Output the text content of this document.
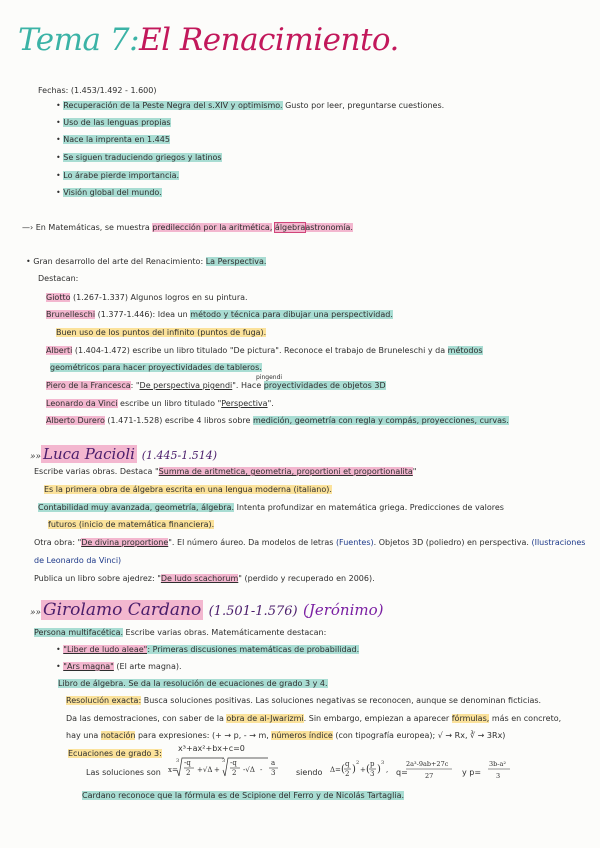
Tema 7:El Renacimiento.
Fechas: (1.453/1.492 - 1.600)
• Recuperación de la Peste Negra del s.XIV y optimismo. Gusto por leer, preguntarse cuestiones.
• Uso de las lenguas propias
• Nace la imprenta en 1.445
• Se siguen traduciendo griegos y latinos
• Lo árabe pierde importancia.
• Visión global del mundo.
—› En Matemáticas, se muestra predilección por la aritmética, álgebraastronomía.
• Gran desarrollo del arte del Renacimiento: La Perspectiva.
Destacan:
Giotto (1.267-1.337) Algunos logros en su pintura.
Brunelleschi (1.377-1.446): Idea un método y técnica para dibujar una perspectividad.
Buen uso de los puntos del infinito (puntos de fuga).
Alberti (1.404-1.472) escribe un libro titulado "De pictura". Reconoce el trabajo de Bruneleschi y da métodos
geométricos para hacer proyectividades de tableros.
pingendi
Piero de la Francesca: "De perspectiva pigendi". Hace proyectividades de objetos 3D
Leonardo da Vinci escribe un libro titulado "Perspectiva".
Alberto Durero (1.471-1.528) escribe 4 libros sobre medición, geometría con regla y compás, proyecciones, curvas.
»» Luca Pacioli (1.445-1.514)
Escribe varias obras. Destaca "Summa de aritmetica, geometria, proportioni et proportionalita"
Es la primera obra de álgebra escrita en una lengua moderna (italiano).
Contabilidad muy avanzada, geometría, álgebra. Intenta profundizar en matemática griega. Predicciones de valores
futuros (inicio de matemática financiera).
Otra obra: "De divina proportione". El número áureo. Da modelos de letras (Fuentes). Objetos 3D (poliedro) en perspectiva. (Ilustraciones
de Leonardo da Vinci)
Publica un libro sobre ajedrez: "De ludo scachorum" (perdido y recuperado en 2006).
»» Girolamo Cardano (1.501-1.576) (Jerónimo)
Persona multifacética. Escribe varias obras. Matemáticamente destacan:
• "Liber de ludo aleae": Primeras discusiones matemáticas de probabilidad.
• "Ars magna" (El arte magna).
Libro de álgebra. Se da la resolución de ecuaciones de grado 3 y 4.
Resolución exacta: Busca soluciones positivas. Las soluciones negativas se reconocen, aunque se denominan ficticias.
Da las demostraciones, con saber de la obra de al-Jwarizmi. Sin embargo, empiezan a aparecer fórmulas, más en concreto,
hay una notación para expresiones: (+ → p, - → m, números índice (con tipografía europea); √ → Rx, ∛ → 3Rx)
Ecuaciones de grado 3:
x³+ax²+bx+c=0
Las soluciones son x=
3 -q
2 +√Δ +
3 -q
2 -√Δ -
a
3	siendo Δ= ( q
2 )
2
+ ( p
3 )
3
, q=
2a³-9ab+27c
27	y p=
3b-a²
3
Cardano reconoce que la fórmula es de Scipione del Ferro y de Nicolás Tartaglia.
